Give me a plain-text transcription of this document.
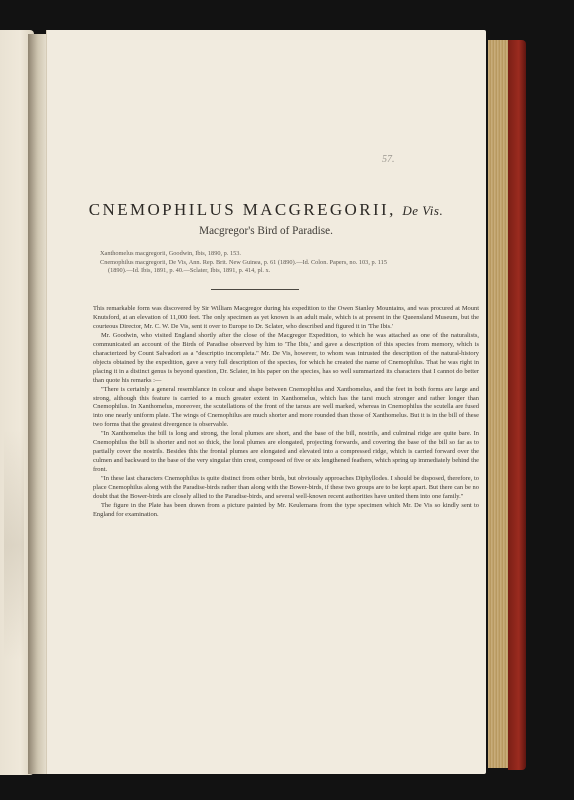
57.
CNEMOPHILUS MACGREGORII, De Vis.
Macgregor's Bird of Paradise.

Xanthomelus macgregorii, Goodwin, Ibis, 1890, p. 153.

Cnemophilus macgregorii, De Vis, Ann. Rep. Brit. New Guinea, p. 61 (1890).—Id. Colon. Papers, no. 103, p. 115

(1890).—Id. Ibis, 1891, p. 40.—Sclater, Ibis, 1891, p. 414, pl. x.

This remarkable form was discovered by Sir William Macgregor during his expedition to the Owen Stanley Mountains, and was procured at Mount Knutsford, at an elevation of 11,000 feet. The only specimen as yet known is an adult male, which is at present in the Queensland Museum, but the courteous Director, Mr. C. W. De Vis, sent it over to Europe to Dr. Sclater, who described and figured it in 'The Ibis.'

Mr. Goodwin, who visited England shortly after the close of the Macgregor Expedition, to which he was attached as one of the naturalists, communicated an account of the Birds of Paradise observed by him to 'The Ibis,' and gave a description of this species from memory, which is characterized by Count Salvadori as a "descriptio incompleta." Mr. De Vis, however, to whom was intrusted the description of the natural-history objects obtained by the expedition, gave a very full description of the species, for which he created the name of Cnemophilus. That he was right in placing it in a distinct genus is beyond question, Dr. Sclater, in his paper on the species, has so well summarized its characters that I cannot do better than quote his remarks :—

"There is certainly a general resemblance in colour and shape between Cnemophilus and Xanthomelus, and the feet in both forms are large and strong, although this feature is carried to a much greater extent in Xanthomelus, which has the tarsi much stronger and rather longer than Cnemophilus. In Xanthomelus, moreover, the scutellations of the front of the tarsus are well marked, whereas in Cnemophilus the scutella are fused into one nearly uniform plate. The wings of Cnemophilus are much shorter and more rounded than those of Xanthomelus. But it is in the bill of these two forms that the greatest divergence is observable.

"In Xanthomelus the bill is long and strong, the loral plumes are short, and the base of the bill, nostrils, and culminal ridge are quite bare. In Cnemophilus the bill is shorter and not so thick, the loral plumes are elongated, projecting forwards, and covering the base of the bill so far as to partially cover the nostrils. Besides this the frontal plumes are elongated and elevated into a compressed ridge, which is carried forward over the culmen and backward to the base of the very singular thin crest, composed of five or six lengthened feathers, which spring up immediately behind the front.

"In these last characters Cnemophilus is quite distinct from other birds, but obviously approaches Diphyllodes. I should be disposed, therefore, to place Cnemophilus along with the Paradise-birds rather than along with the Bower-birds, if these two groups are to be kept apart. But there can be no doubt that the Bower-birds are closely allied to the Paradise-birds, and several well-known recent authorities have united them into one family."

The figure in the Plate has been drawn from a picture painted by Mr. Keulemans from the type specimen which Mr. De Vis so kindly sent to England for examination.
